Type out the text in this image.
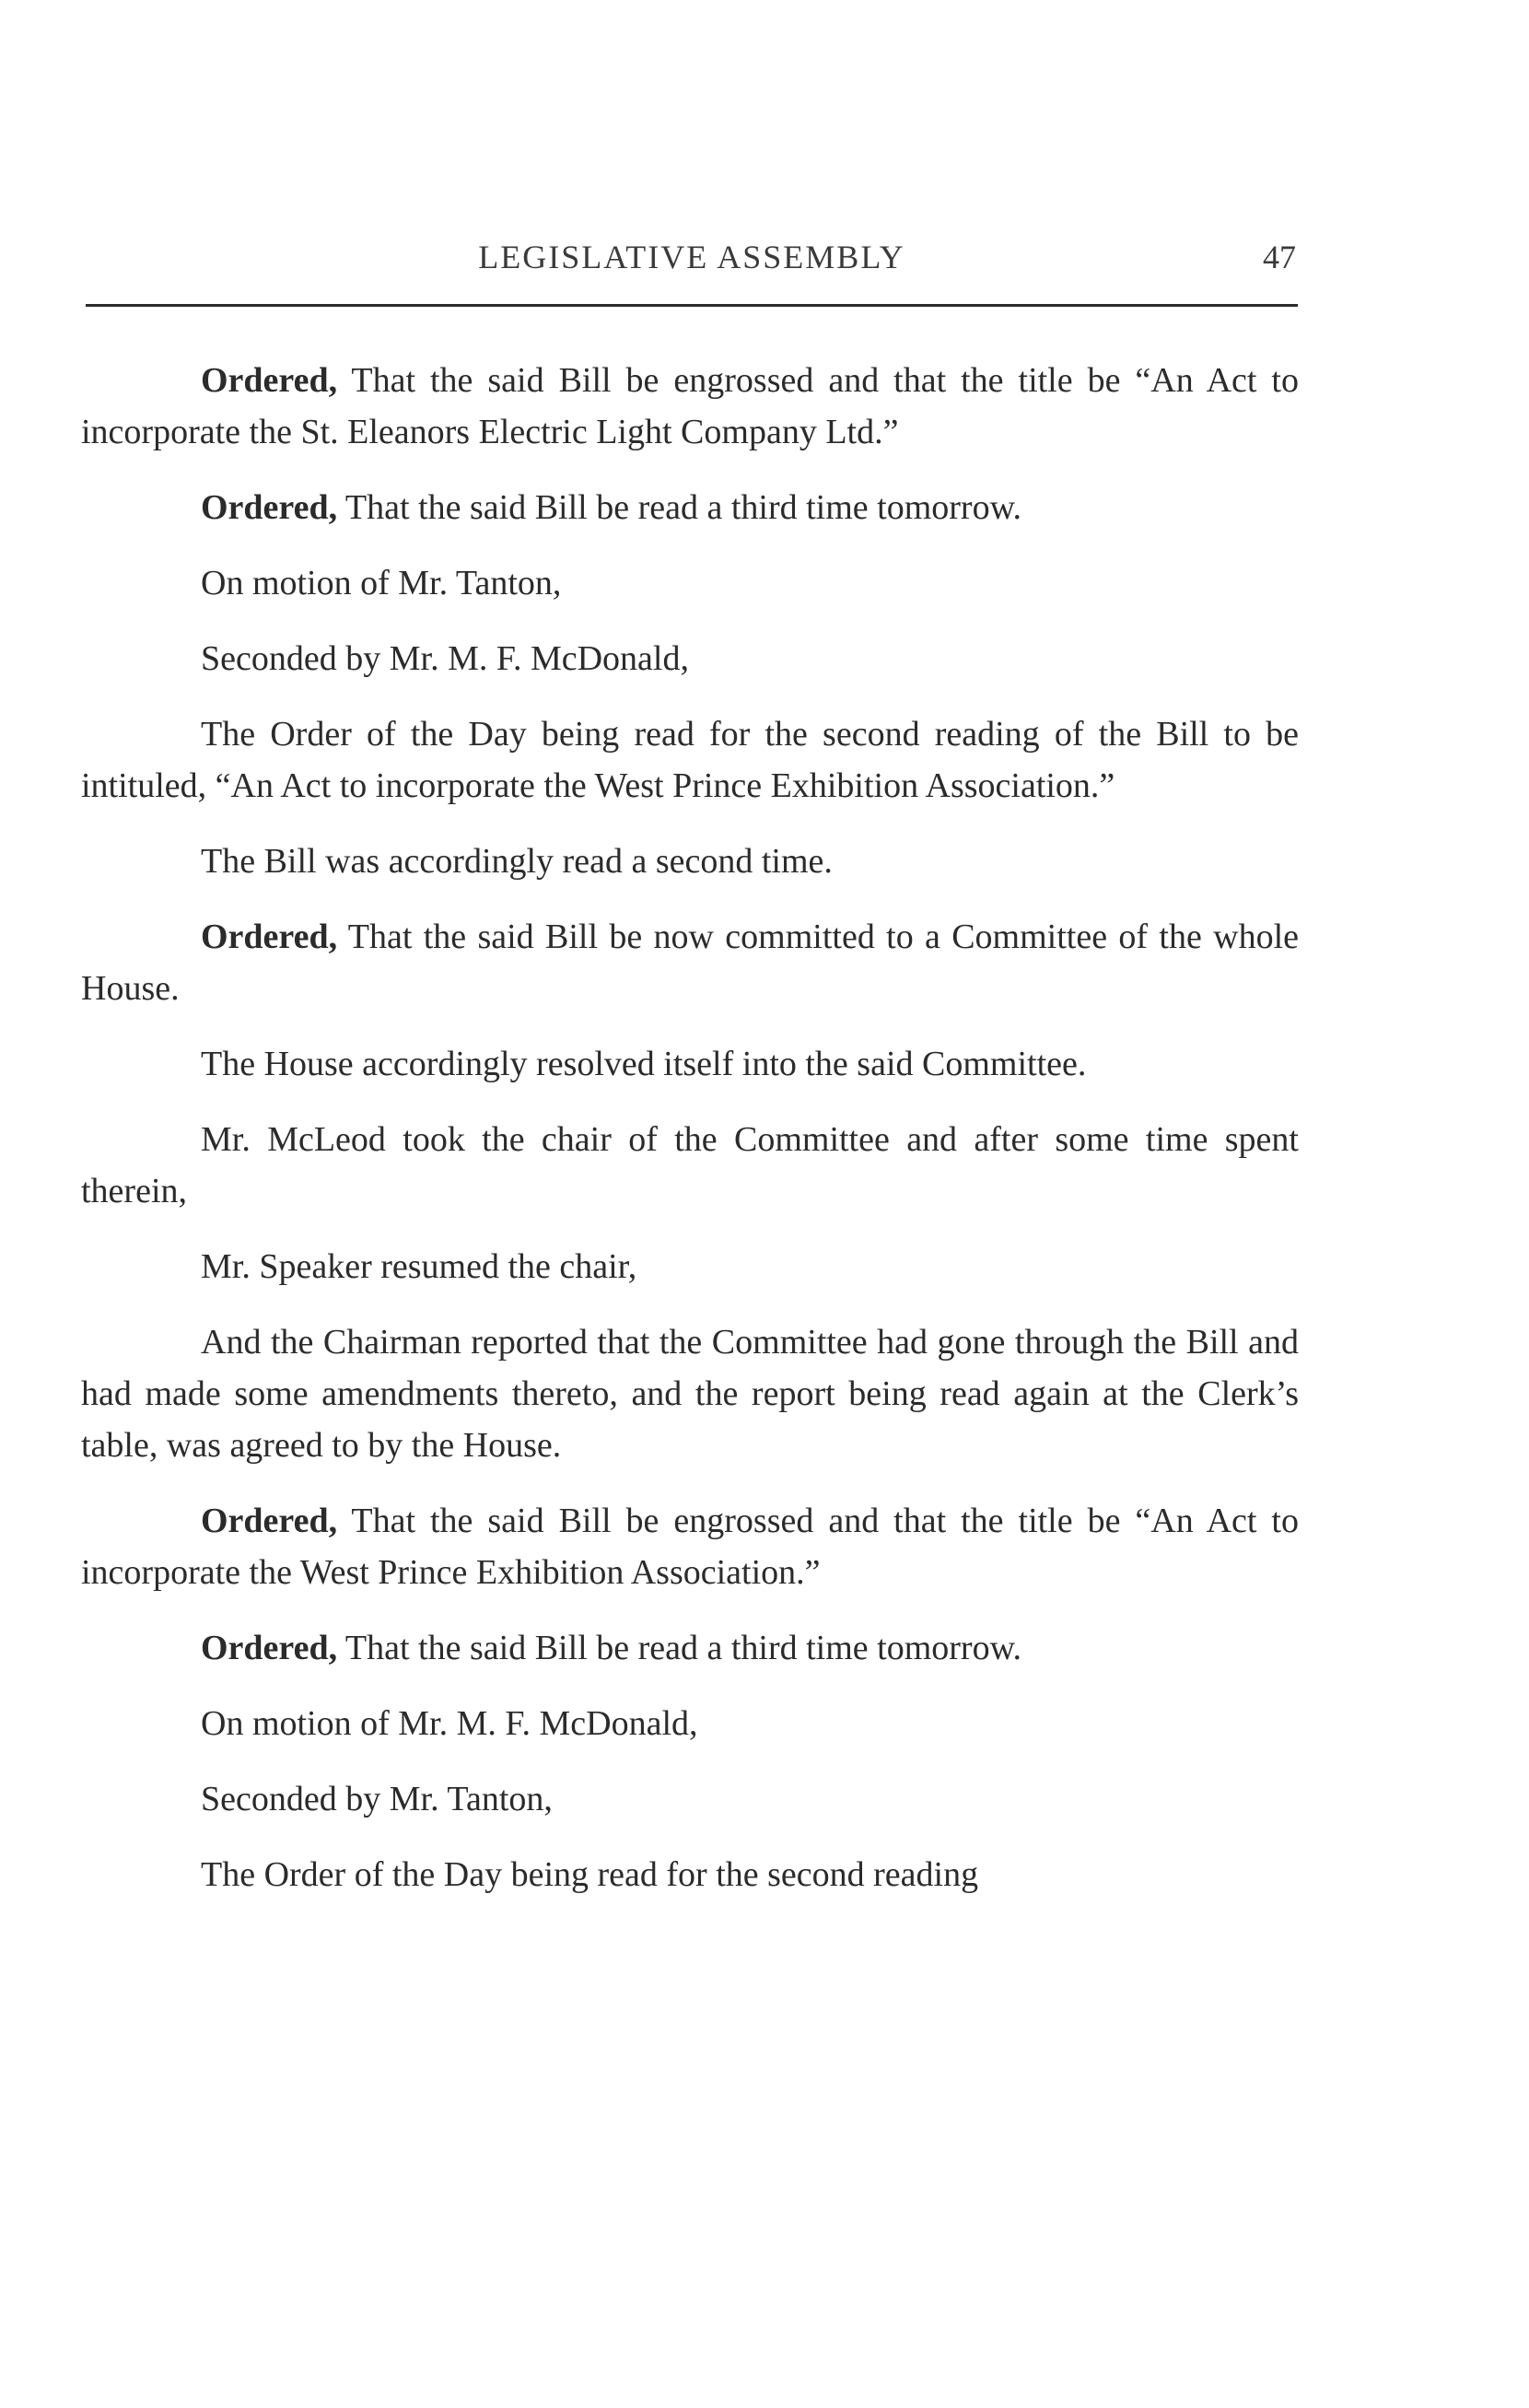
LEGISLATIVE ASSEMBLY	47

Ordered, That the said Bill be engrossed and that the title be “An Act to incorporate the St. Eleanors Electric Light Company Ltd.”

Ordered, That the said Bill be read a third time tomorrow.

On motion of Mr. Tanton,

Seconded by Mr. M. F. McDonald,

The Order of the Day being read for the second reading of the Bill to be intituled, “An Act to incorporate the West Prince Exhibition Association.”

The Bill was accordingly read a second time.

Ordered, That the said Bill be now committed to a Committee of the whole House.

The House accordingly resolved itself into the said Committee.

Mr. McLeod took the chair of the Committee and after some time spent therein,

Mr. Speaker resumed the chair,

And the Chairman reported that the Committee had gone through the Bill and had made some amendments thereto, and the report being read again at the Clerk’s table, was agreed to by the House.

Ordered, That the said Bill be engrossed and that the title be “An Act to incorporate the West Prince Exhibition Association.”

Ordered, That the said Bill be read a third time tomorrow.

On motion of Mr. M. F. McDonald,

Seconded by Mr. Tanton,

The Order of the Day being read for the second reading
